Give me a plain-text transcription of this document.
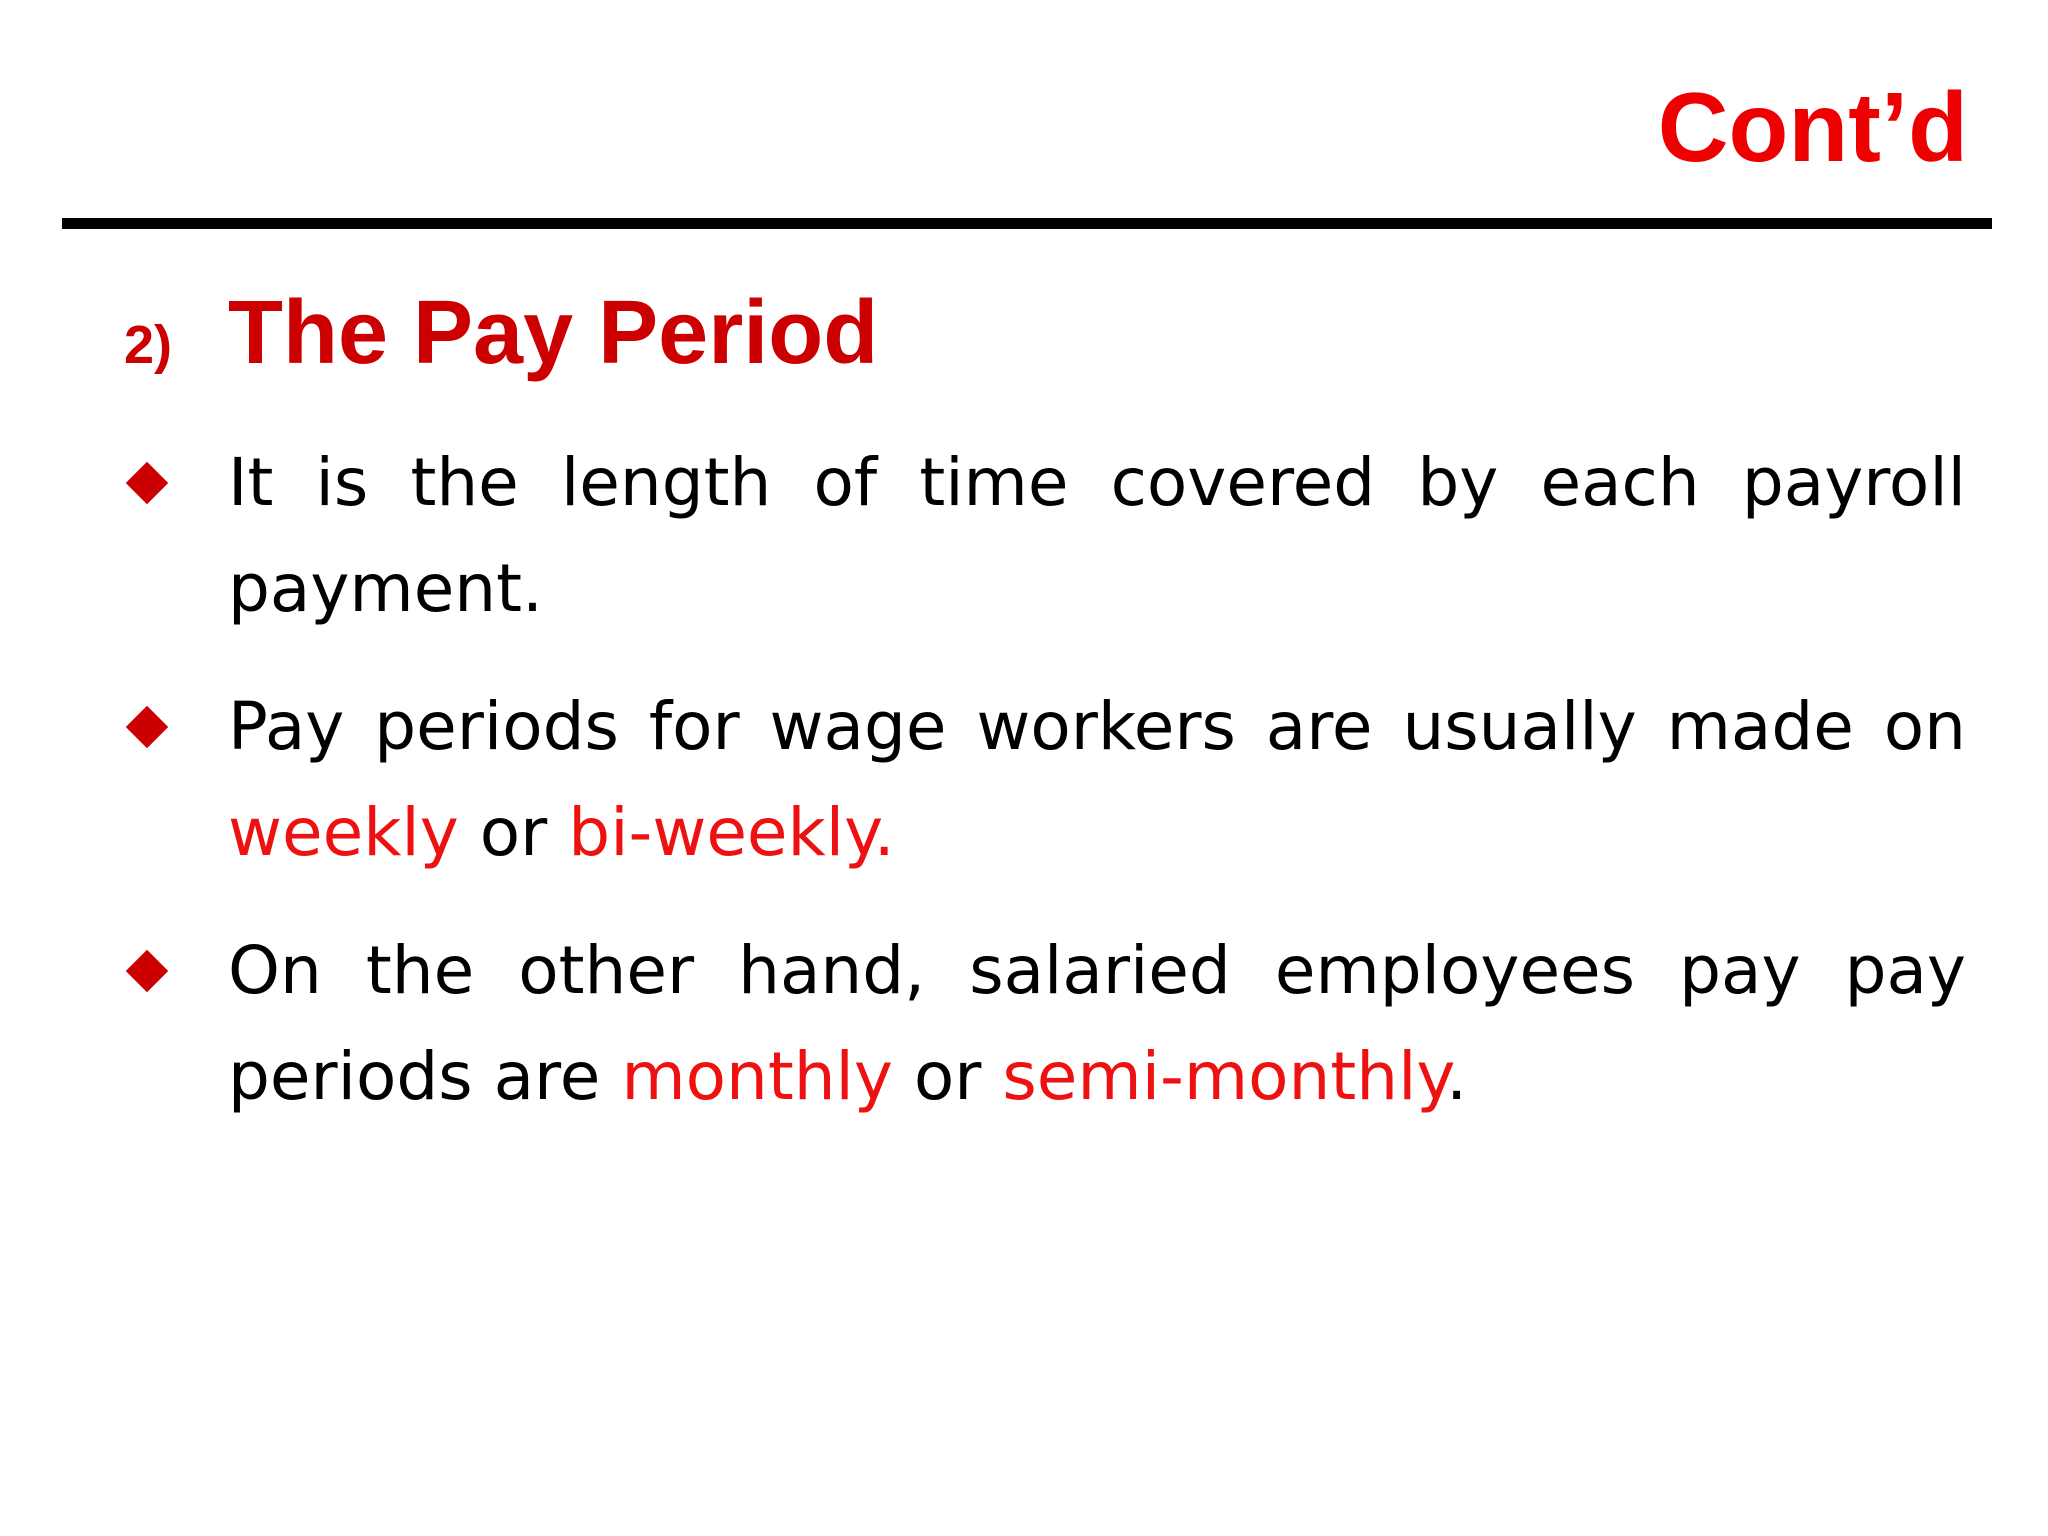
Cont’d
2) The Pay Period
It is the length of time covered by each payroll payment.
Pay periods for wage workers are usually made on weekly or bi-weekly.
On the other hand, salaried employees pay pay periods are monthly or semi-monthly.
